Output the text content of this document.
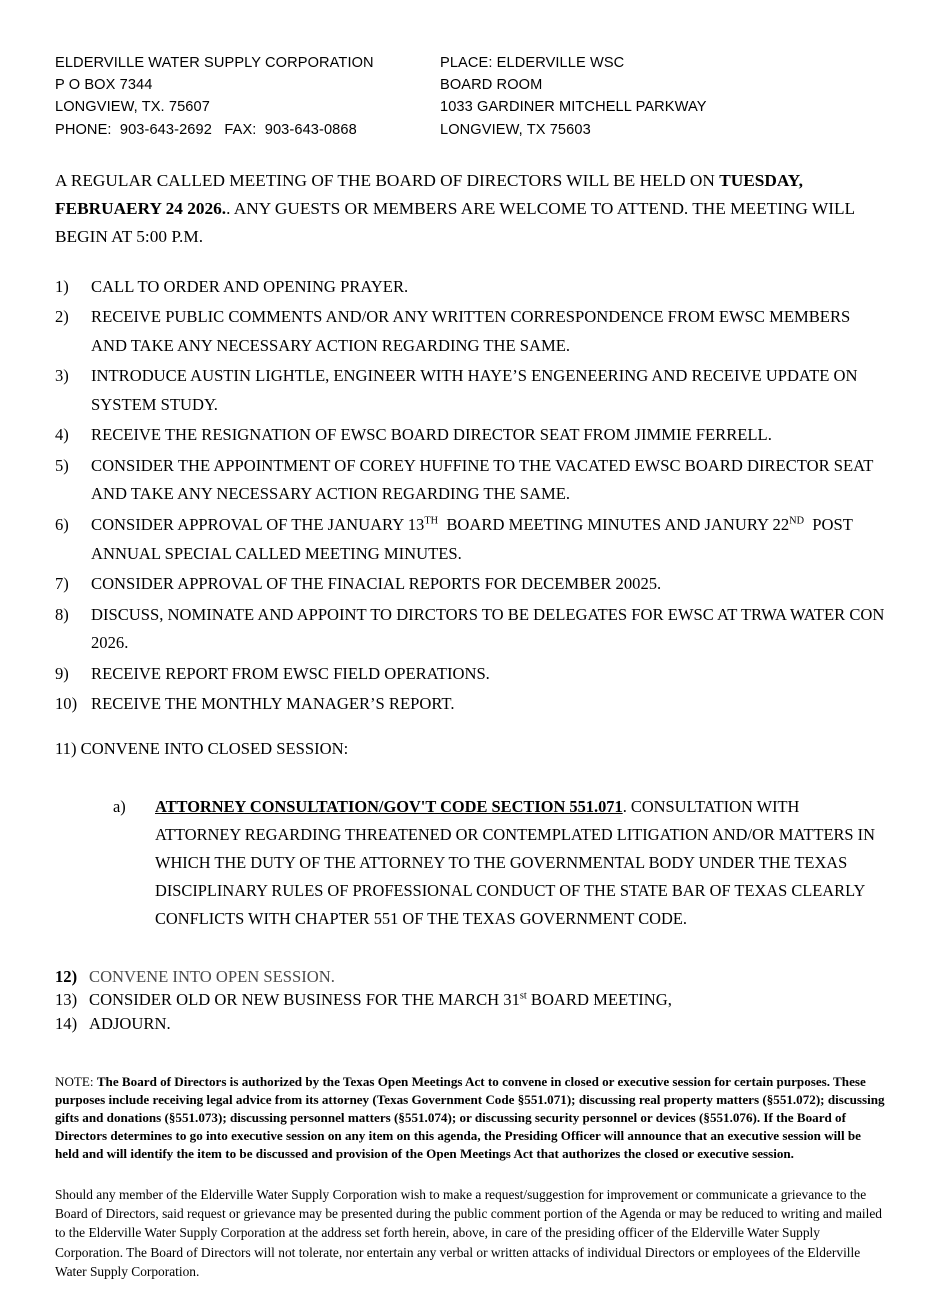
ELDERVILLE WATER SUPPLY CORPORATION
P O BOX 7344
LONGVIEW, TX. 75607
PHONE:  903-643-2692   FAX:  903-643-0868
PLACE: ELDERVILLE WSC
BOARD ROOM
1033 GARDINER MITCHELL PARKWAY
LONGVIEW, TX 75603

A REGULAR CALLED MEETING OF THE BOARD OF DIRECTORS WILL BE HELD ON TUESDAY, FEBRUAERY 24 2026.. ANY GUESTS OR MEMBERS ARE WELCOME TO ATTEND. THE MEETING WILL BEGIN AT 5:00 P.M.

1)	CALL TO ORDER AND OPENING PRAYER.
2)	RECEIVE PUBLIC COMMENTS AND/OR ANY WRITTEN CORRESPONDENCE FROM EWSC MEMBERS AND TAKE ANY NECESSARY ACTION REGARDING THE SAME.
3)	INTRODUCE AUSTIN LIGHTLE, ENGINEER WITH HAYE’S ENGENEERING AND RECEIVE UPDATE ON SYSTEM STUDY.
4)	RECEIVE THE RESIGNATION OF EWSC BOARD DIRECTOR SEAT FROM JIMMIE FERRELL.
5)	CONSIDER THE APPOINTMENT OF COREY HUFFINE TO THE VACATED EWSC BOARD DIRECTOR SEAT AND TAKE ANY NECESSARY ACTION REGARDING THE SAME.
6)	CONSIDER APPROVAL OF THE JANUARY 13TH  BOARD MEETING MINUTES AND JANURY 22ND  POST ANNUAL SPECIAL CALLED MEETING MINUTES.
7)	CONSIDER APPROVAL OF THE FINACIAL REPORTS FOR DECEMBER 20025.
8)	DISCUSS, NOMINATE AND APPOINT TO DIRCTORS TO BE DELEGATES FOR EWSC AT TRWA WATER CON 2026.
9)	RECEIVE REPORT FROM EWSC FIELD OPERATIONS.
10) RECEIVE THE MONTHLY MANAGER’S REPORT.
11) CONVENE INTO CLOSED SESSION:
a)	ATTORNEY CONSULTATION/GOV'T CODE SECTION 551.071. CONSULTATION WITH ATTORNEY REGARDING THREATENED OR CONTEMPLATED LITIGATION AND/OR MATTERS IN WHICH THE DUTY OF THE ATTORNEY TO THE GOVERNMENTAL BODY UNDER THE TEXAS DISCIPLINARY RULES OF PROFESSIONAL CONDUCT OF THE STATE BAR OF TEXAS CLEARLY CONFLICTS WITH CHAPTER 551 OF THE TEXAS GOVERNMENT CODE.
12) CONVENE INTO OPEN SESSION.
13) CONSIDER OLD OR NEW BUSINESS FOR THE MARCH 31st BOARD MEETING,
14) ADJOURN.

NOTE: The Board of Directors is authorized by the Texas Open Meetings Act to convene in closed or executive session for certain purposes. These purposes include receiving legal advice from its attorney (Texas Government Code §551.071); discussing real property matters (§551.072); discussing gifts and donations (§551.073); discussing personnel matters (§551.074); or discussing security personnel or devices (§551.076). If the Board of Directors determines to go into executive session on any item on this agenda, the Presiding Officer will announce that an executive session will be held and will identify the item to be discussed and provision of the Open Meetings Act that authorizes the closed or executive session.

Should any member of the Elderville Water Supply Corporation wish to make a request/suggestion for improvement or communicate a grievance to the Board of Directors, said request or grievance may be presented during the public comment portion of the Agenda or may be reduced to writing and mailed to the Elderville Water Supply Corporation at the address set forth herein, above, in care of the presiding officer of the Elderville Water Supply Corporation. The Board of Directors will not tolerate, nor entertain any verbal or written attacks of individual Directors or employees of the Elderville Water Supply Corporation.
